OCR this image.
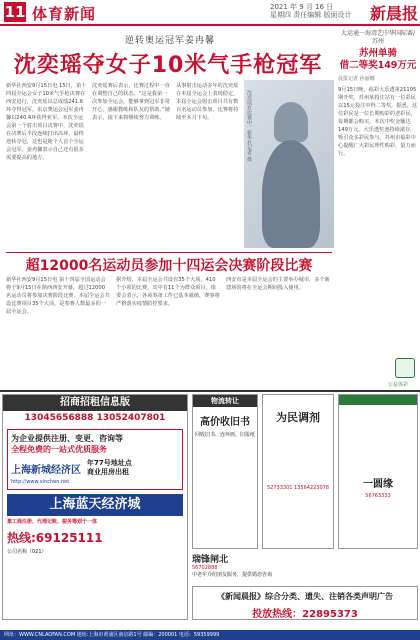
11 体育新闻	2021 年 9 月 16 日
星期四 责任编辑 版面设计 新晨报
逆转奥运冠军姜冉馨
沈奕瑶夺女子10米气手枪冠军
新华社西安9月15日电 15日，第十四届全运会女子10米气手枪决赛在西安进行，沈奕瑶以总成绩241.6环夺得冠军。东京奥运会冠军姜冉馨以240.4环获得亚军。本次全运会第一个射击项目决赛中，沈奕瑶在决赛后半段连续打出高环，最终逆转夺冠，这也是她个人首个全运会冠军。姜冉馨表示自己还有很多需要提高的地方。
沈奕瑶赛后表示，比赛过程中一直在调整自己的状态。“这是我第一次参加全运会，能够拿到冠军非常开心，感谢教练和队友的帮助。”她表示，接下来将继续努力训练。
从事射击运动多年的沈奕瑶在本届全运会上表现稳定，本届全运会射击项目共有数百名运动员参加，比赛将持续至本月下旬。	沈奕瑶在比赛中。新华社记者 摄
大运通一海湾艺中华国际赛/苏州
苏州单骑
借二等奖149万元
晨报记者 孙丽娜
9月15日晚，福彩大乐透第21105期开奖，苏州某投注站有一位彩民以15元投注中得二等奖。据悉，这位彩民是一位长期购彩的老彩民，每期都会购买，本次中奖金额达149万元。大乐透奖池持续滚存，吸引众多彩民参与。苏州市福彩中心提醒广大彩民理性购彩，量力而行。
公益体彩
超12000名运动员参加十四运会决赛阶段比赛
新华社西安9月15日电 第十四届全国运动会将于9月15日在陕西西安开幕，超过12000名运动员将参加决赛阶段比赛。本届全运会共设比赛项目35个大项，是参赛人数最多的一届全运会。
据介绍，本届全运会共设有35个大项，410个小项的比赛，其中有11个为群众项目。组委会表示，各项筹备工作已基本就绪，赛事将严格落实疫情防控要求。
西安市是本届全运会的主要举办城市，多个新建场馆将在全运会期间投入使用。
招商招租信息版
13045656888 13052407801
为企业提供注册、变更、咨询等
全程免费的一站式优质服务
上海新城经济区
年77号地址点
商业用房出租
http://www.xinchen.net
上海蓝天经济城
集工商注册、代理记账、税务筹划于一体
热线:69125111
公司名称（021）
物流转让
高价收旧书
回收旧书、连环画、旧报纸
为民调剂
52733301 13564223078	一圆缘
56763333
瑞锋闸北
56702888
中老年介绍朋友服务，提供婚恋咨询
《新闻晨报》综合分类、遗失、注销各类声明广告
投放热线：22895373
网址：WWW.CNLAOFAN.COM 地址:上海市黄浦区南京路1号 邮编：200001 电话：59359999
